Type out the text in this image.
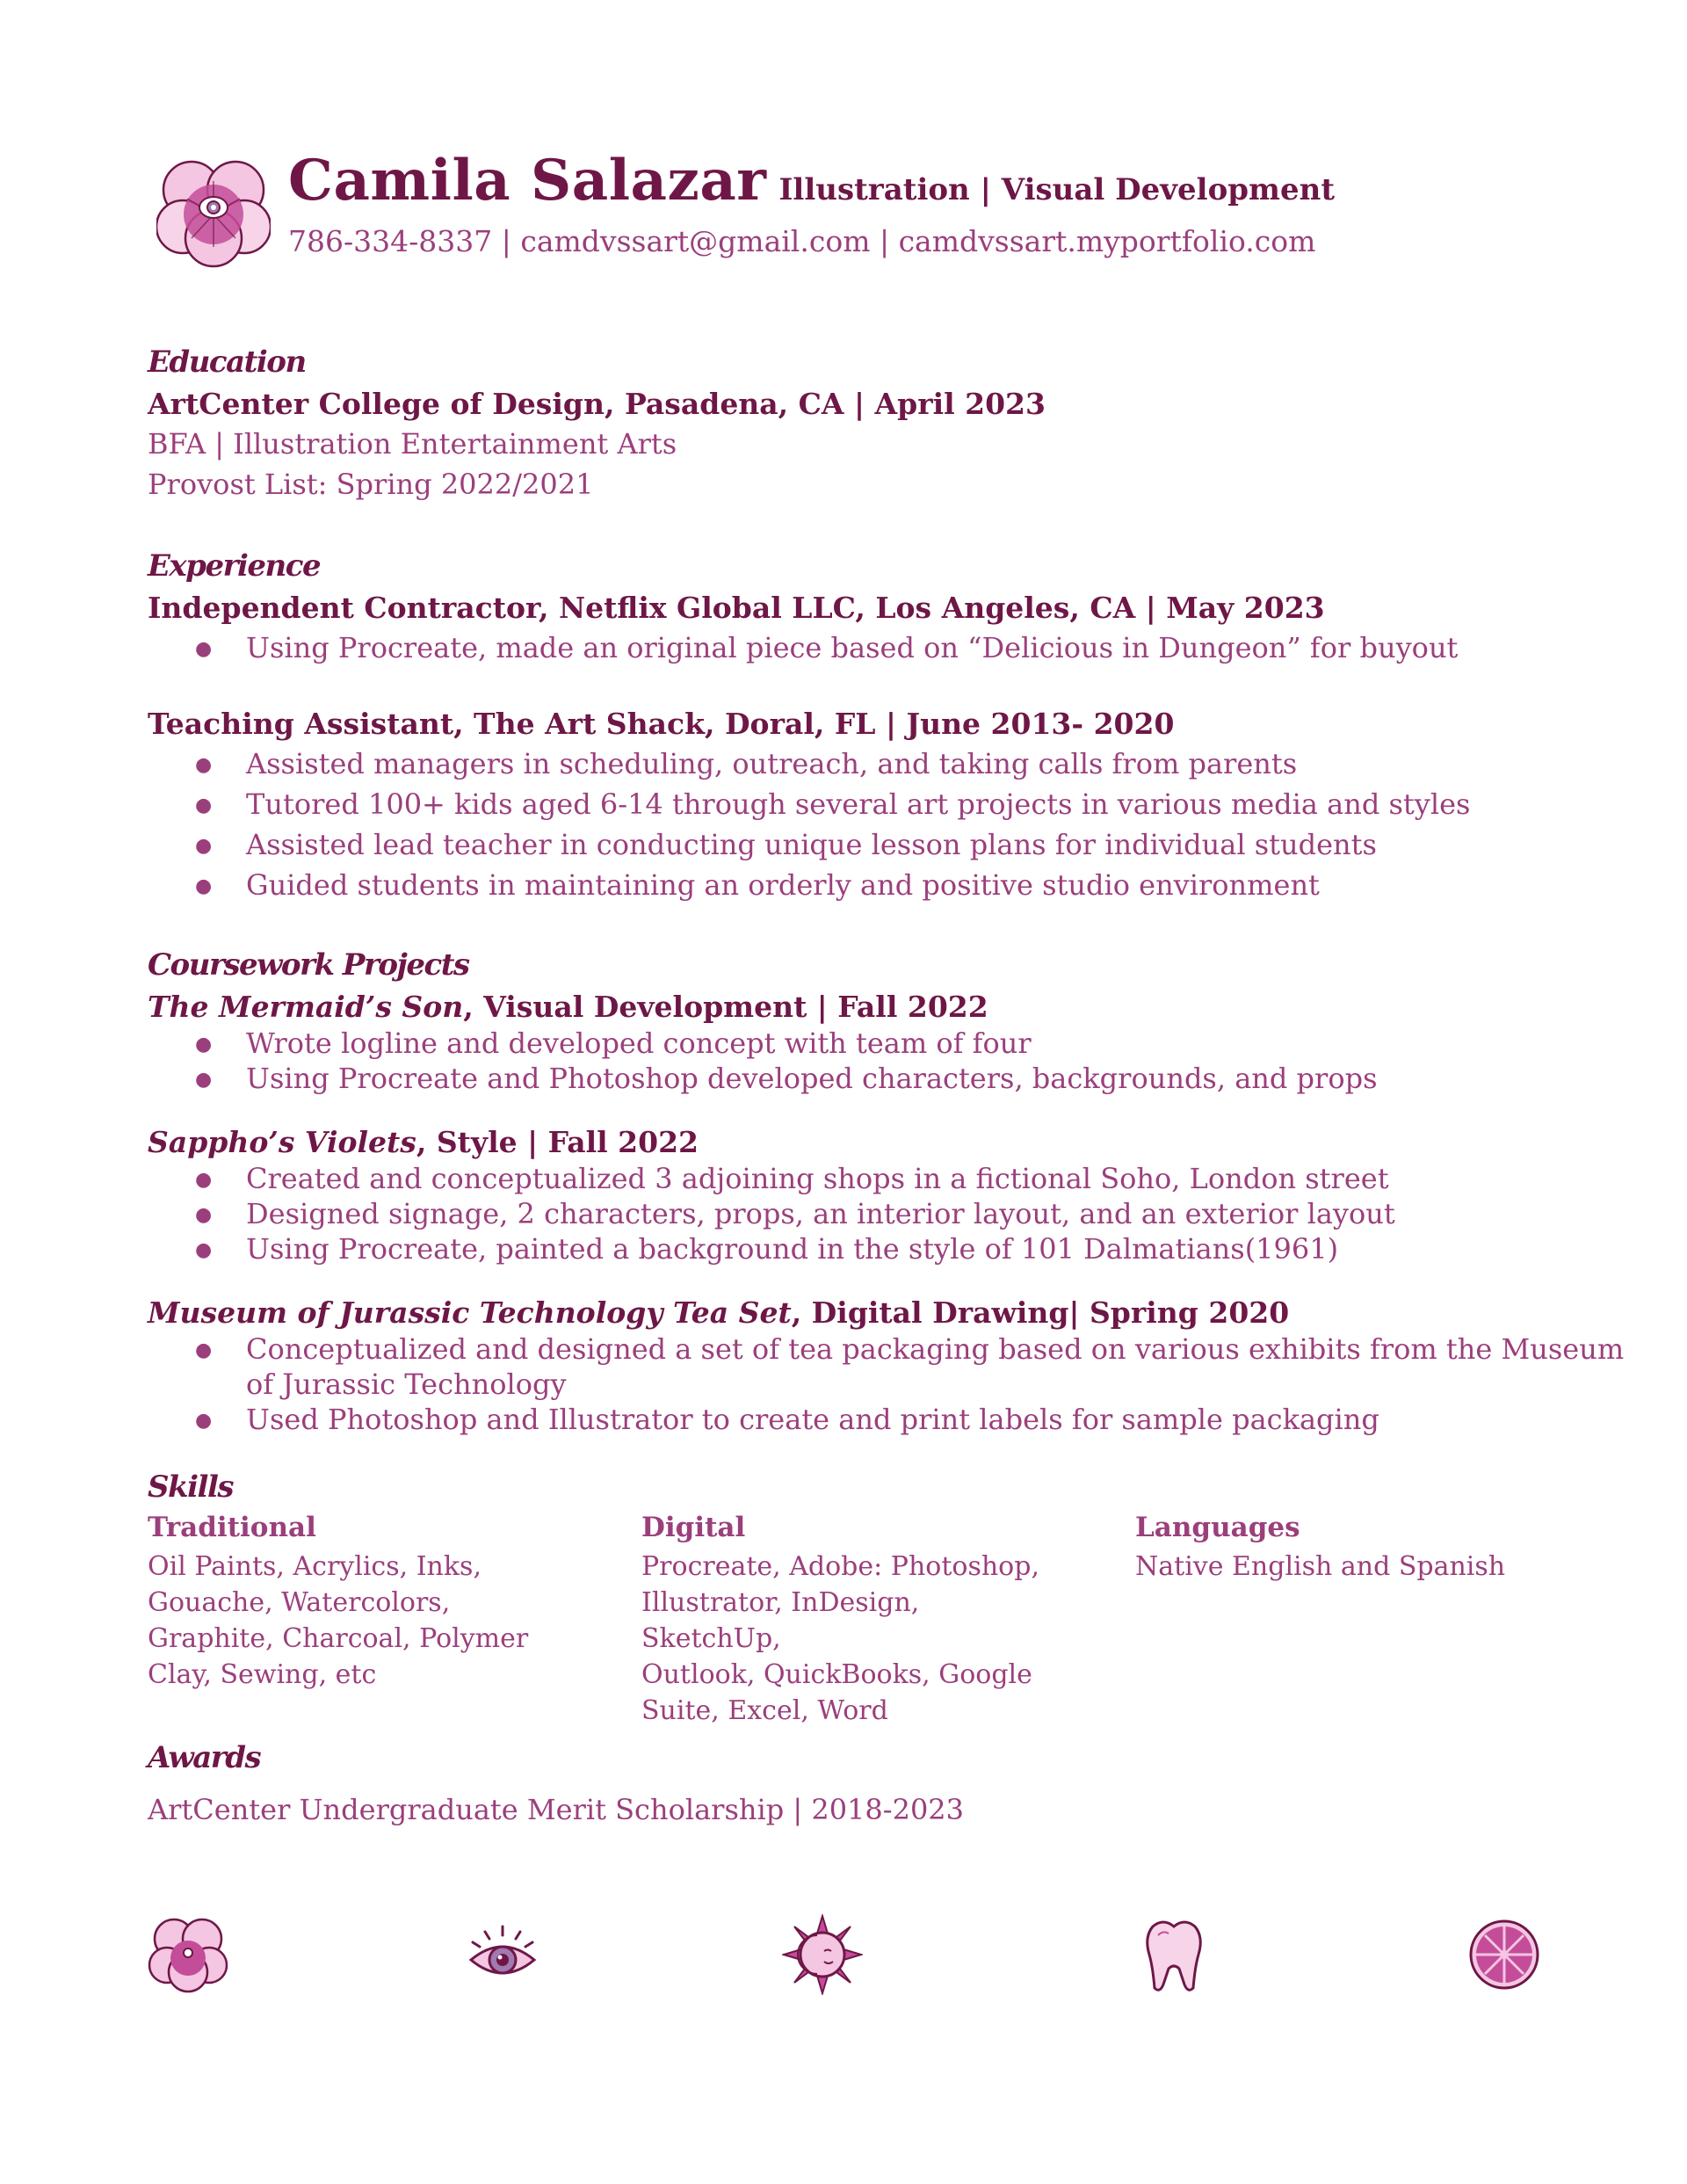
Camila Salazar Illustration | Visual Development
786-334-8337 | camdvssart@gmail.com | camdvssart.myportfolio.com
Education
ArtCenter College of Design, Pasadena, CA | April 2023
BFA | Illustration Entertainment Arts
Provost List: Spring 2022/2021
Experience
Independent Contractor, Netflix Global LLC, Los Angeles, CA | May 2023
● Using Procreate, made an original piece based on “Delicious in Dungeon” for buyout
Teaching Assistant, The Art Shack, Doral, FL | June 2013- 2020
● Assisted managers in scheduling, outreach, and taking calls from parents
● Tutored 100+ kids aged 6-14 through several art projects in various media and styles
● Assisted lead teacher in conducting unique lesson plans for individual students
● Guided students in maintaining an orderly and positive studio environment
Coursework Projects
The Mermaid’s Son, Visual Development | Fall 2022
● Wrote logline and developed concept with team of four
● Using Procreate and Photoshop developed characters, backgrounds, and props
Sappho’s Violets, Style | Fall 2022
● Created and conceptualized 3 adjoining shops in a fictional Soho, London street
● Designed signage, 2 characters, props, an interior layout, and an exterior layout
● Using Procreate, painted a background in the style of 101 Dalmatians(1961)
Museum of Jurassic Technology Tea Set, Digital Drawing| Spring 2020
● Conceptualized and designed a set of tea packaging based on various exhibits from the Museum
of Jurassic Technology
● Used Photoshop and Illustrator to create and print labels for sample packaging
Skills
Traditional
Oil Paints, Acrylics, Inks,
Gouache, Watercolors,
Graphite, Charcoal, Polymer
Clay, Sewing, etc
Digital
Procreate, Adobe: Photoshop,
Illustrator, InDesign, SketchUp,
Outlook, QuickBooks, Google
Suite, Excel, Word
Languages
Native English and Spanish
Awards
ArtCenter Undergraduate Merit Scholarship | 2018-2023
